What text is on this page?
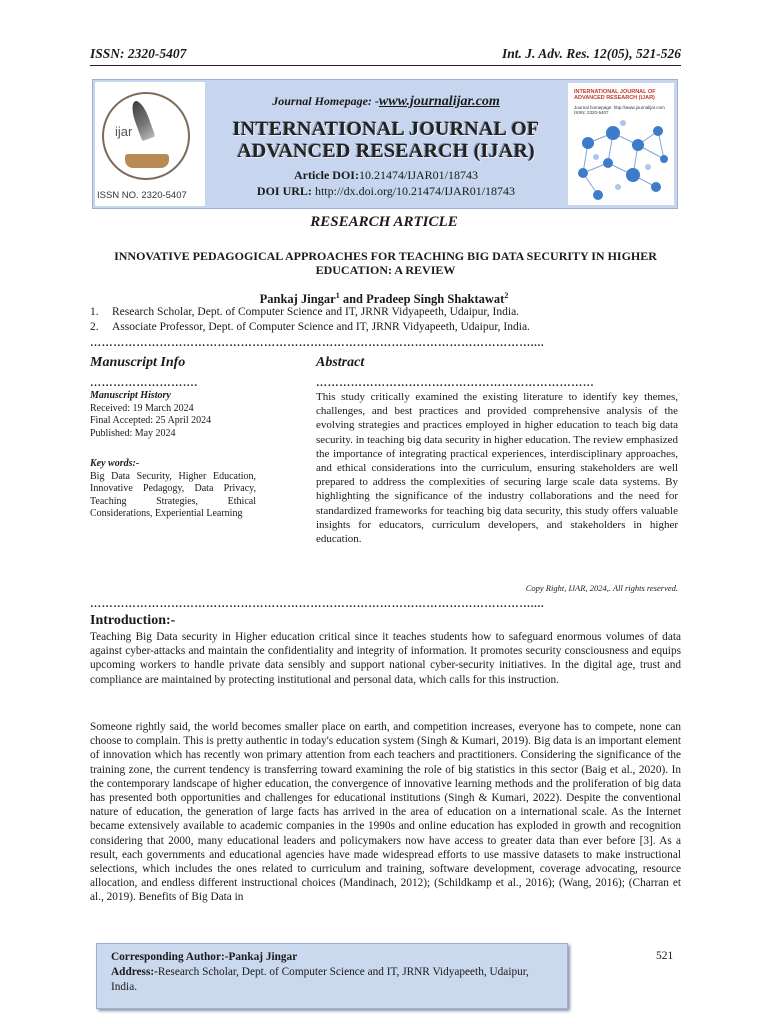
ISSN: 2320-5407	Int. J. Adv. Res. 12(05), 521-526
ijar
ISSN NO. 2320-5407
Journal Homepage: -www.journalijar.com
INTERNATIONAL JOURNAL OF
ADVANCED RESEARCH (IJAR)
Article DOI:10.21474/IJAR01/18743
DOI URL: http://dx.doi.org/10.21474/IJAR01/18743
INTERNATIONAL JOURNAL OF ADVANCED RESEARCH (IJAR)
Journal homepage: http://www.journalijar.com ISSN: 2320-5407
RESEARCH ARTICLE
INNOVATIVE PEDAGOGICAL APPROACHES FOR TEACHING BIG DATA SECURITY IN HIGHER
EDUCATION: A REVIEW
Pankaj Jingar$^1$ and Pradeep Singh Shaktawat$^2$
1. Research Scholar, Dept. of Computer Science and IT, JRNR Vidyapeeth, Udaipur, India.
2. Associate Professor, Dept. of Computer Science and IT, JRNR Vidyapeeth, Udaipur, India.
……………………………………………………………………………………………………....
Manuscript Info	Abstract
……………………….	………………………………………………………………
Manuscript History
Received: 19 March 2024
Final Accepted: 25 April 2024
Published: May 2024
Key words:-
Big Data Security, Higher Education, Innovative Pedagogy, Data Privacy, Teaching Strategies, Ethical Considerations, Experiential Learning
This study critically examined the existing literature to identify key themes, challenges, and best practices and provided comprehensive analysis of the evolving strategies and practices employed in higher education to teach big data security. in teaching big data security in higher education. The review emphasized the importance of integrating practical experiences, interdisciplinary approaches, and ethical considerations into the curriculum, ensuring stakeholders are well prepared to address the complexities of securing large scale data systems. By highlighting the significance of the industry collaborations and the need for standardized frameworks for teaching big data security, this study offers valuable insights for educators, curriculum developers, and stakeholders in higher education.
Copy Right, IJAR, 2024,. All rights reserved.
……………………………………………………………………………………………………....
Introduction:-
Teaching Big Data security in Higher education critical since it teaches students how to safeguard enormous volumes of data against cyber-attacks and maintain the confidentiality and integrity of information. It promotes security consciousness and equips upcoming workers to handle private data sensibly and support national cyber-security initiatives. In the digital age, trust and compliance are maintained by protecting institutional and personal data, which calls for this instruction.
Someone rightly said, the world becomes smaller place on earth, and competition increases, everyone has to compete, none can choose to complain. This is pretty authentic in today's education system (Singh & Kumari, 2019). Big data is an important element of innovation which has recently won primary attention from each teachers and practitioners. Considering the significance of the training zone, the current tendency is transferring toward examining the role of big statistics in this sector (Baig et al., 2020). In the contemporary landscape of higher education, the convergence of innovative learning methods and the proliferation of big data has presented both opportunities and challenges for educational institutions (Singh & Kumari, 2022). Despite the conventional nature of education, the generation of large facts has arrived in the area of education on a international scale. As the Internet became extensively available to academic companies in the 1990s and online education has exploded in growth and recognition considering that 2000, many educational leaders and policymakers now have access to greater data than ever before [3]. As a result, each governments and educational agencies have made widespread efforts to use massive datasets to make instructional selections, which includes the ones related to curriculum and training, software development, coverage advocating, resource allocation, and endless different instructional choices (Mandinach, 2012); (Schildkamp et al., 2016); (Wang, 2016); (Charran et al., 2019). Benefits of Big Data in
Corresponding Author:-Pankaj Jingar
Address:-Research Scholar, Dept. of Computer Science and IT, JRNR Vidyapeeth, Udaipur, India.
521
